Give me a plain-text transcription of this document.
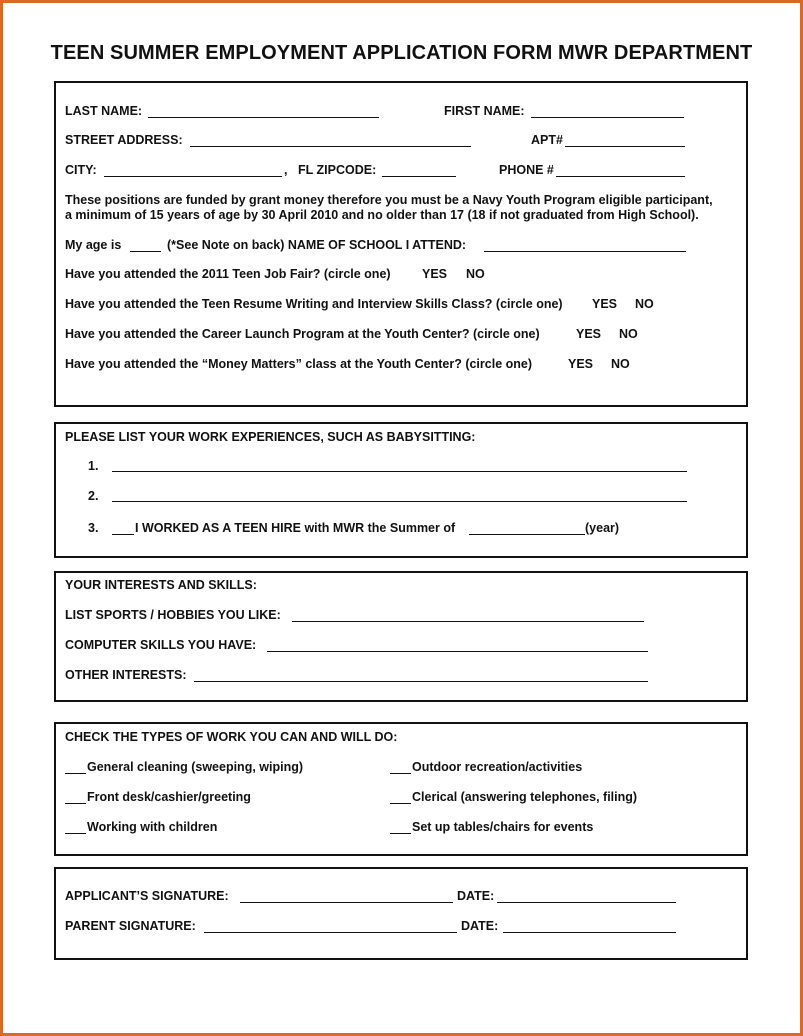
TEEN SUMMER EMPLOYMENT APPLICATION FORM MWR DEPARTMENT
LAST NAME:	FIRST NAME:
STREET ADDRESS:	APT#
CITY:	, FL ZIPCODE:	PHONE #
These positions are funded by grant money therefore you must be a Navy Youth Program eligible participant,
a minimum of 15 years of age by 30 April 2010 and no older than 17 (18 if not graduated from High School).
My age is	(*See Note on back) NAME OF SCHOOL I ATTEND:
Have you attended the 2011 Teen Job Fair? (circle one)	YES NO
Have you attended the Teen Resume Writing and Interview Skills Class? (circle one) YES NO
Have you attended the Career Launch Program at the Youth Center? (circle one)	YES NO
Have you attended the “Money Matters” class at the Youth Center? (circle one)	YES NO
PLEASE LIST YOUR WORK EXPERIENCES, SUCH AS BABYSITTING:
1.
2.
3.	I WORKED AS A TEEN HIRE with MWR the Summer of	(year)
YOUR INTERESTS AND SKILLS:
LIST SPORTS / HOBBIES YOU LIKE:
COMPUTER SKILLS YOU HAVE:
OTHER INTERESTS:
CHECK THE TYPES OF WORK YOU CAN AND WILL DO:
General cleaning (sweeping, wiping)	Outdoor recreation/activities
Front desk/cashier/greeting	Clerical (answering telephones, filing)
Working with children	Set up tables/chairs for events
APPLICANT’S SIGNATURE:	DATE:
PARENT SIGNATURE:	DATE:
